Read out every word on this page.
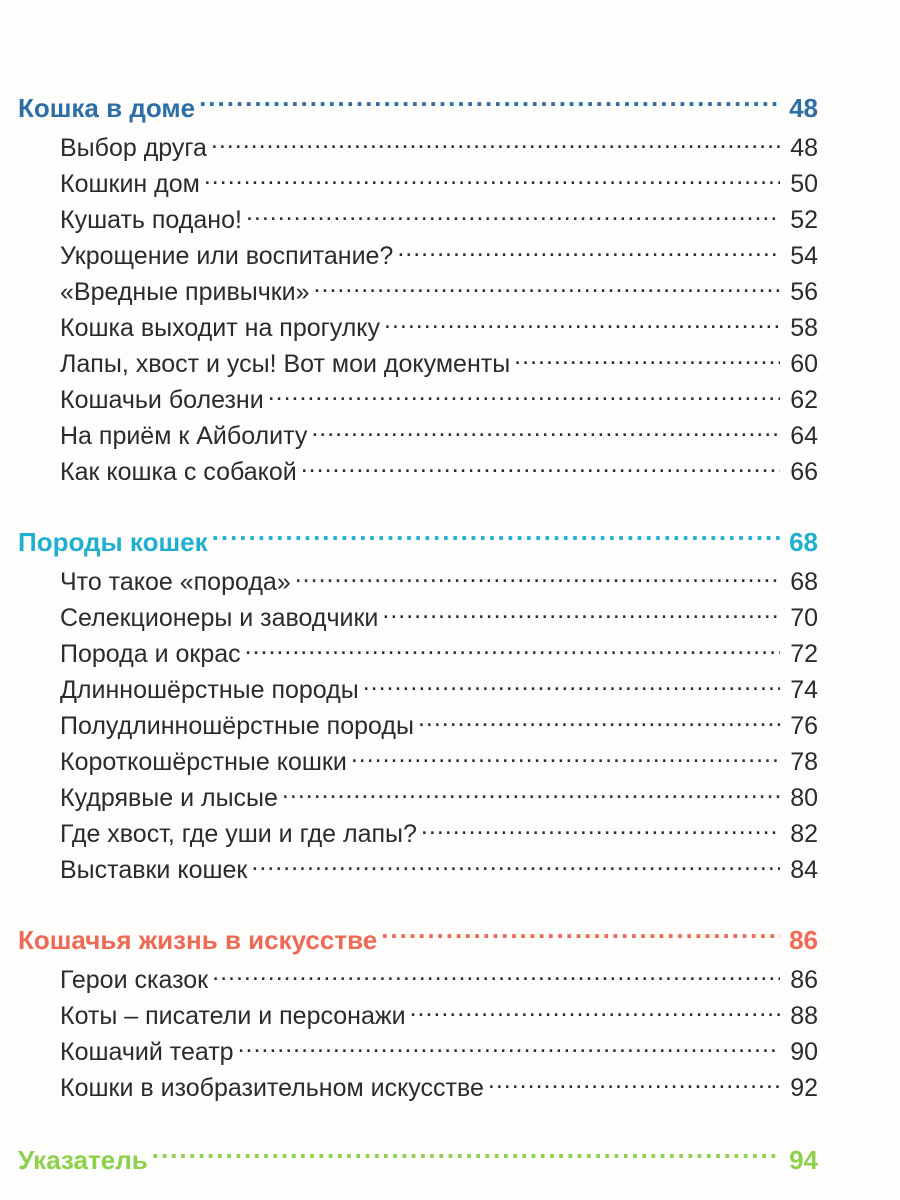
Кошка в доме .....	48
Выбор друга .....	48
Кошкин дом .....	50
Кушать подано! .....	52
Укрощение или воспитание? .....	54
«Вредные привычки» .....	56
Кошка выходит на прогулку .....	58
Лапы, хвост и усы! Вот мои документы .....	60
Кошачьи болезни .....	62
На приём к Айболиту .....	64
Как кошка с собакой .....	66
Породы кошек .....	68
Что такое «порода» .....	68
Селекционеры и заводчики .....	70
Порода и окрас .....	72
Длинношёрстные породы .....	74
Полудлинношёрстные породы .....	76
Короткошёрстные кошки .....	78
Кудрявые и лысые .....	80
Где хвост, где уши и где лапы? .....	82
Выставки кошек .....	84
Кошачья жизнь в искусстве .....	86
Герои сказок .....	86
Коты – писатели и персонажи .....	88
Кошачий театр .....	90
Кошки в изобразительном искусстве .....	92
Указатель .....	94
